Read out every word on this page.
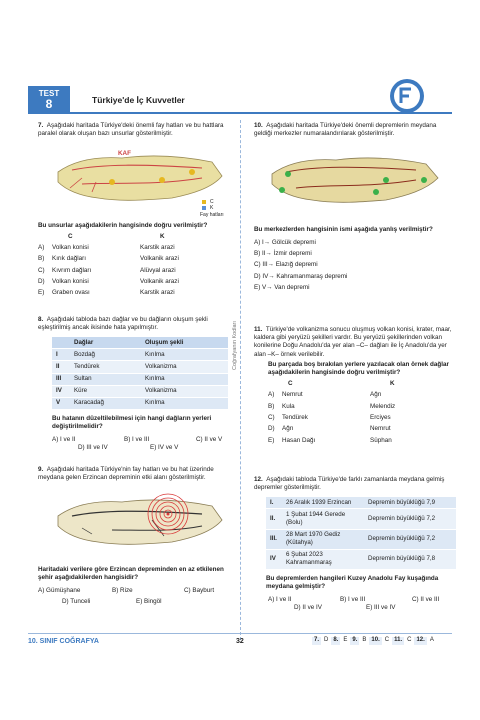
TEST
8	Türkiye'de İç Kuvvetler
Coğrafyanın Kodları

7. Aşağıdaki haritada Türkiye'deki önemli fay hatları ve bu hattlara paralel olarak oluşan bazı unsurlar gösterilmiştir.

KAF
C
K
Fay hatları

Bu unsurlar aşağıdakilerin hangisinde doğru verilmiştir?

C	K
A)	Volkan konisi	Karstik arazi
B)	Kırık dağları	Volkanik arazi
C)	Kıvrım dağları	Alüvyal arazi
D)	Volkan konisi	Volkanik arazi
E)	Graben ovası	Karstik arazi

8. Aşağıdaki tabloda bazı dağlar ve bu dağların oluşum şekli eşleştirilmiş ancak ikisinde hata yapılmıştır.

	Dağlar	Oluşum şekli
I	Bozdağ	Kırılma
II	Tendürek	Volkanizma
III	Sultan	Kırılma
IV	Küre	Volkanizma
V	Karacadağ	Kırılma

Bu hatanın düzeltilebilmesi için hangi dağların yerleri değiştirilmelidir?

A) I ve II	B) I ve III	C) II ve V
D) III ve IV	E) IV ve V

9. Aşağıdaki haritada Türkiye'nin fay hatları ve bu hat üzerinde meydana gelen Erzincan depreminin etki alanı gösterilmiştir.

Haritadaki verilere göre Erzincan depreminden en az etkilenen şehir aşağıdakilerden hangisidir?

A) Gümüşhane	B) Rize	C) Bayburt
D) Tunceli	E) Bingöl

10. Aşağıdaki haritada Türkiye'deki önemli depremlerin meydana geldiği merkezler numaralandırılarak gösterilmiştir.

Bu merkezlerden hangisinin ismi aşağıda yanlış verilmiştir?

A) I→ Gölcük depremi
B) II→ İzmir depremi
C) III→ Elazığ depremi
D) IV→ Kahramanmaraş depremi
E) V→ Van depremi

11. Türkiye'de volkanizma sonucu oluşmuş volkan konisi, krater, maar, kaldera gibi yeryüzü şekilleri vardır. Bu yeryüzü şekillerinden volkan konilerine Doğu Anadolu'da yer alan –C– dağları ile İç Anadolu'da yer alan –K– örnek verilebilir.

Bu parçada boş bırakılan yerlere yazılacak olan örnek dağlar aşağıdakilerin hangisinde doğru verilmiştir?

C	K
A)	Nemrut	Ağrı
B)	Kula	Melendiz
C)	Tendürek	Erciyes
D)	Ağrı	Nemrut
E)	Hasan Dağı	Süphan

12. Aşağıdaki tabloda Türkiye'de farklı zamanlarda meydana gelmiş depremler gösterilmiştir.

I.	26 Aralık 1939 Erzincan	Depremin büyüklüğü 7,9
II.	1 Şubat 1944 Gerede (Bolu)	Depremin büyüklüğü 7,2
III.	28 Mart 1970 Gediz (Kütahya)	Depremin büyüklüğü 7,2
IV	6 Şubat 2023 Kahramanmaraş	Depremin büyüklüğü 7,8

Bu depremlerden hangileri Kuzey Anadolu Fay kuşağında meydana gelmiştir?

A) I ve II	B) I ve III	C) II ve III
D) II ve IV	E) III ve IV
10. SINIF COĞRAFYA	32	7. D 8. E 9. B 10. C 11. C 12. A
